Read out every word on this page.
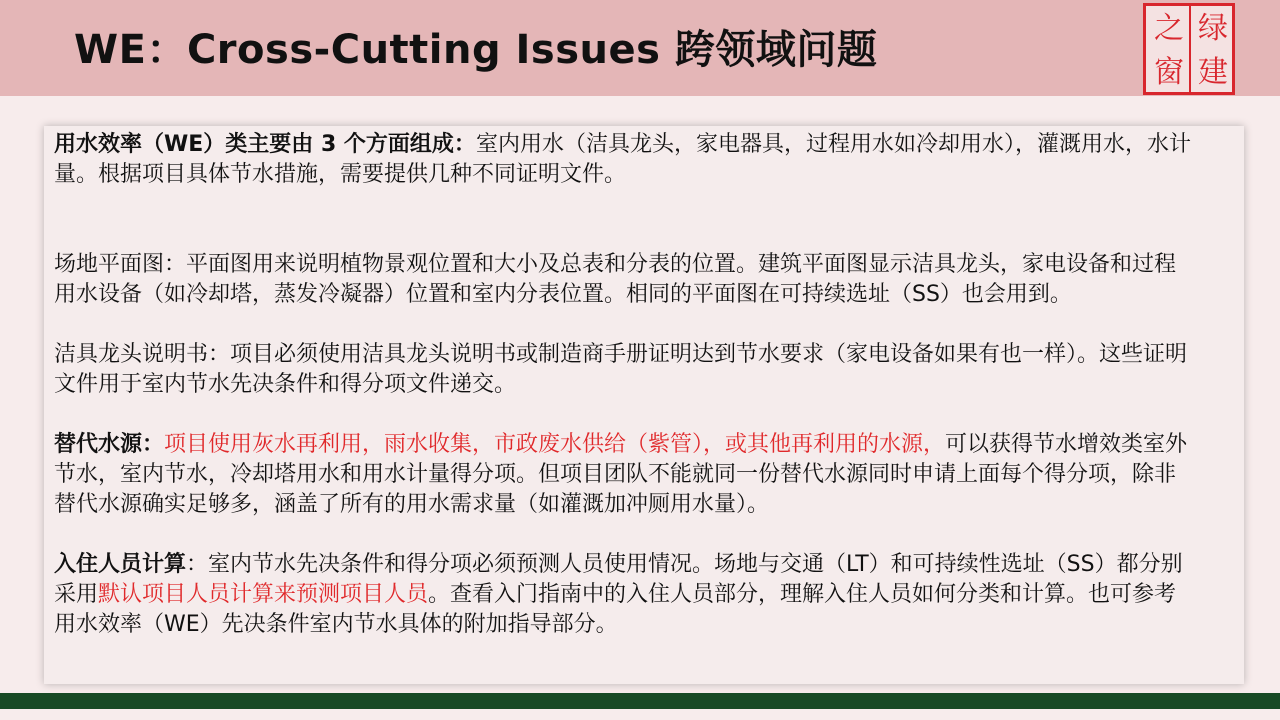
WE：Cross-Cutting Issues 跨领域问题	之 绿
窗 建

用水效率（WE）类主要由 3 个方面组成：室内用水（洁具龙头，家电器具，过程用水如冷却用水），灌溉用水，水计量。根据项目具体节水措施，需要提供几种不同证明文件。

场地平面图：平面图用来说明植物景观位置和大小及总表和分表的位置。建筑平面图显示洁具龙头，家电设备和过程用水设备（如冷却塔，蒸发冷凝器）位置和室内分表位置。相同的平面图在可持续选址（SS）也会用到。

洁具龙头说明书：项目必须使用洁具龙头说明书或制造商手册证明达到节水要求（家电设备如果有也一样）。这些证明文件用于室内节水先决条件和得分项文件递交。

替代水源：项目使用灰水再利用，雨水收集，市政废水供给（紫管），或其他再利用的水源，可以获得节水增效类室外节水，室内节水，冷却塔用水和用水计量得分项。但项目团队不能就同一份替代水源同时申请上面每个得分项，除非替代水源确实足够多，涵盖了所有的用水需求量（如灌溉加冲厕用水量）。

入住人员计算：室内节水先决条件和得分项必须预测人员使用情况。场地与交通（LT）和可持续性选址（SS）都分别采用默认项目人员计算来预测项目人员。查看入门指南中的入住人员部分，理解入住人员如何分类和计算。也可参考用水效率（WE）先决条件室内节水具体的附加指导部分。
